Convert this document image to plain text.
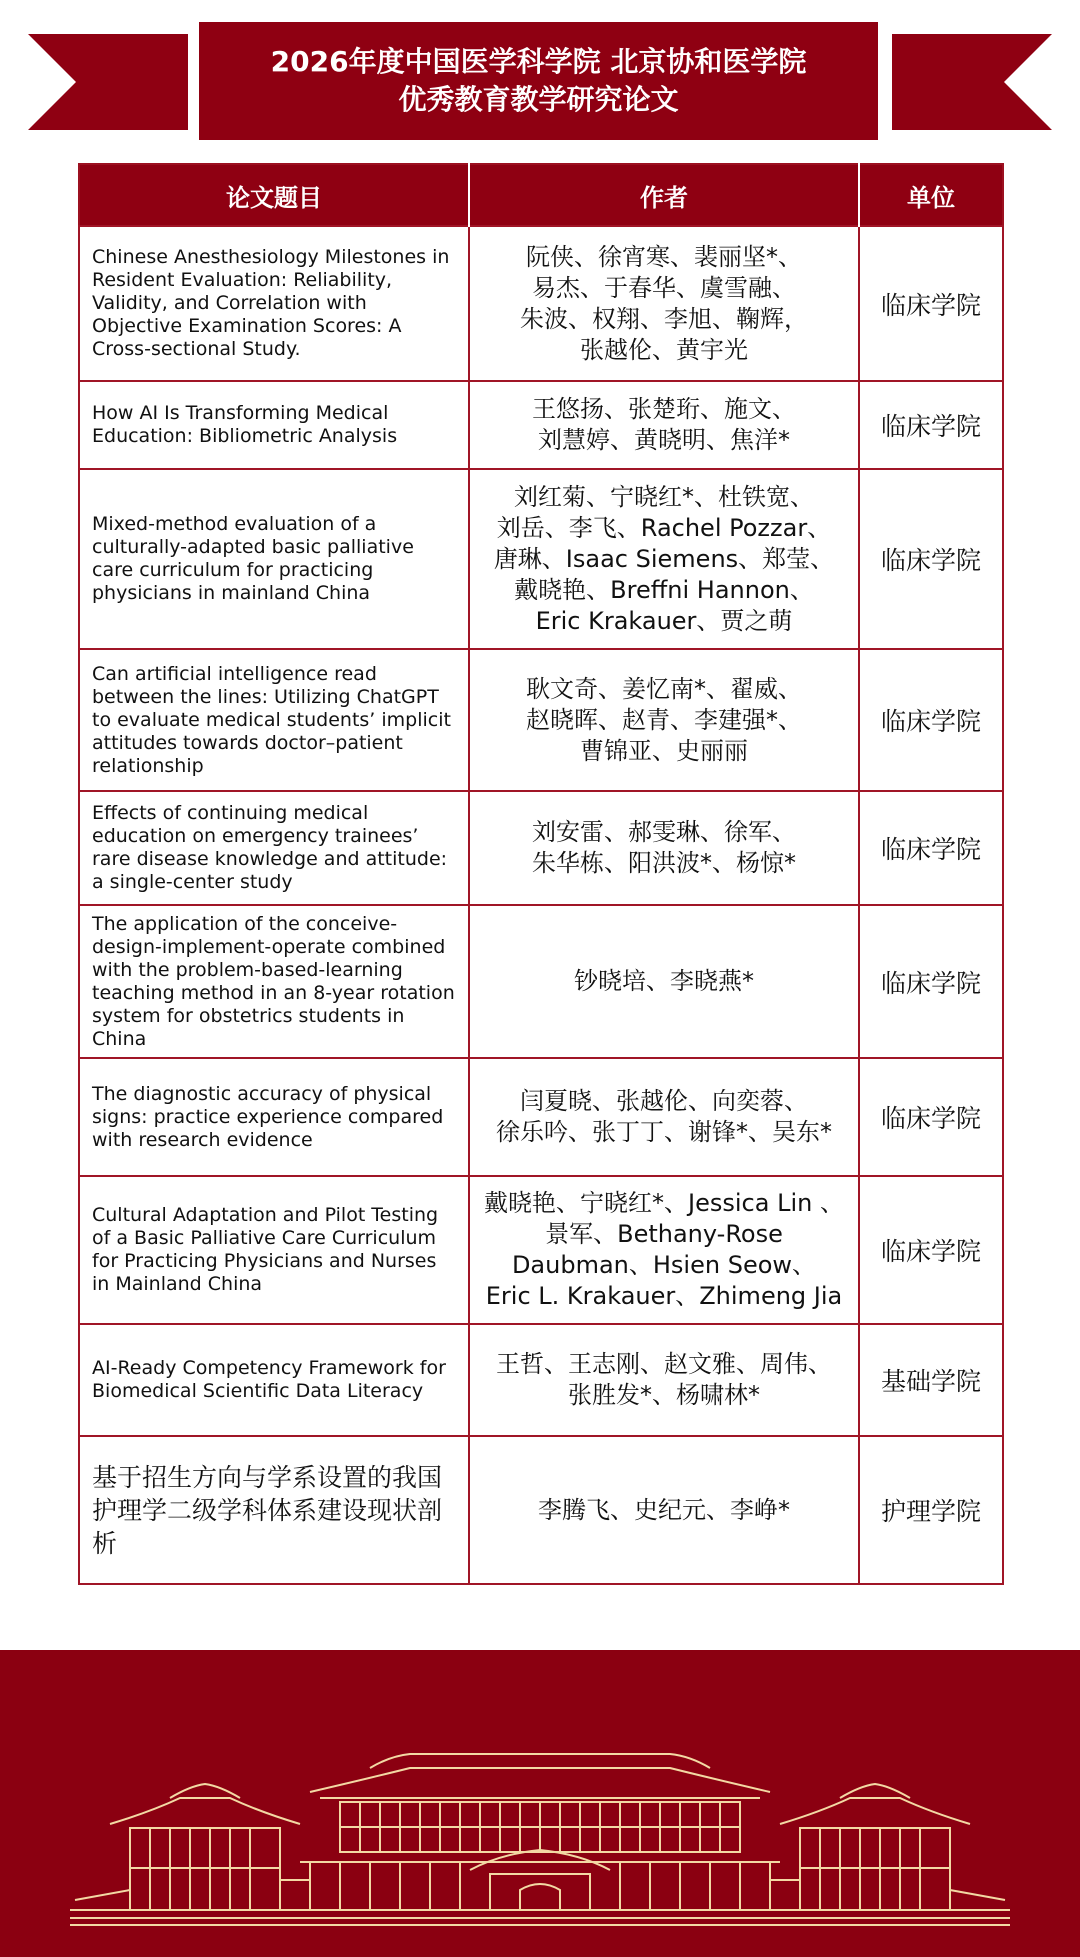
2026年度中国医学科学院 北京协和医学院
优秀教育教学研究论文
论文题目	作者	单位
Chinese Anesthesiology Milestones in Resident Evaluation: Reliability, Validity, and Correlation with Objective Examination Scores: A Cross-sectional Study.	阮侠、徐宵寒、裴丽坚*、
易杰、于春华、虞雪融、
朱波、权翔、李旭、鞠辉，
张越伦、黄宇光	临床学院
How AI Is Transforming Medical Education: Bibliometric Analysis	王悠扬、张楚珩、施文、
刘慧婷、黄晓明、焦洋*	临床学院
Mixed-method evaluation of a culturally-adapted basic palliative care curriculum for practicing physicians in mainland China	刘红菊、宁晓红*、杜铁宽、
刘岳、李飞、Rachel Pozzar、
唐琳、Isaac Siemens、郑莹、
戴晓艳、Breffni Hannon、
Eric Krakauer、贾之萌	临床学院
Can artificial intelligence read between the lines: Utilizing ChatGPT to evaluate medical students’ implicit attitudes towards doctor–patient relationship	耿文奇、姜忆南*、翟威、
赵晓晖、赵青、李建强*、
曹锦亚、史丽丽	临床学院
Effects of continuing medical education on emergency trainees’ rare disease knowledge and attitude: a single-center study	刘安雷、郝雯琳、徐军、
朱华栋、阳洪波*、杨惊*	临床学院
The application of the conceive-design-implement-operate combined with the problem-based-learning teaching method in an 8-year rotation system for obstetrics students in China	钞晓培、李晓燕*	临床学院
The diagnostic accuracy of physical signs: practice experience compared with research evidence	闫夏晓、张越伦、向奕蓉、
徐乐吟、张丁丁、谢锋*、吴东*	临床学院
Cultural Adaptation and Pilot Testing of a Basic Palliative Care Curriculum for Practicing Physicians and Nurses in Mainland China	戴晓艳、宁晓红*、Jessica Lin 、
景军、Bethany-Rose
Daubman、Hsien Seow、
Eric L. Krakauer、Zhimeng Jia	临床学院
AI-Ready Competency Framework for Biomedical Scientific Data Literacy	王哲、王志刚、赵文雅、周伟、
张胜发*、杨啸林*	基础学院
基于招生方向与学系设置的我国护理学二级学科体系建设现状剖析	李腾飞、史纪元、李峥*	护理学院
